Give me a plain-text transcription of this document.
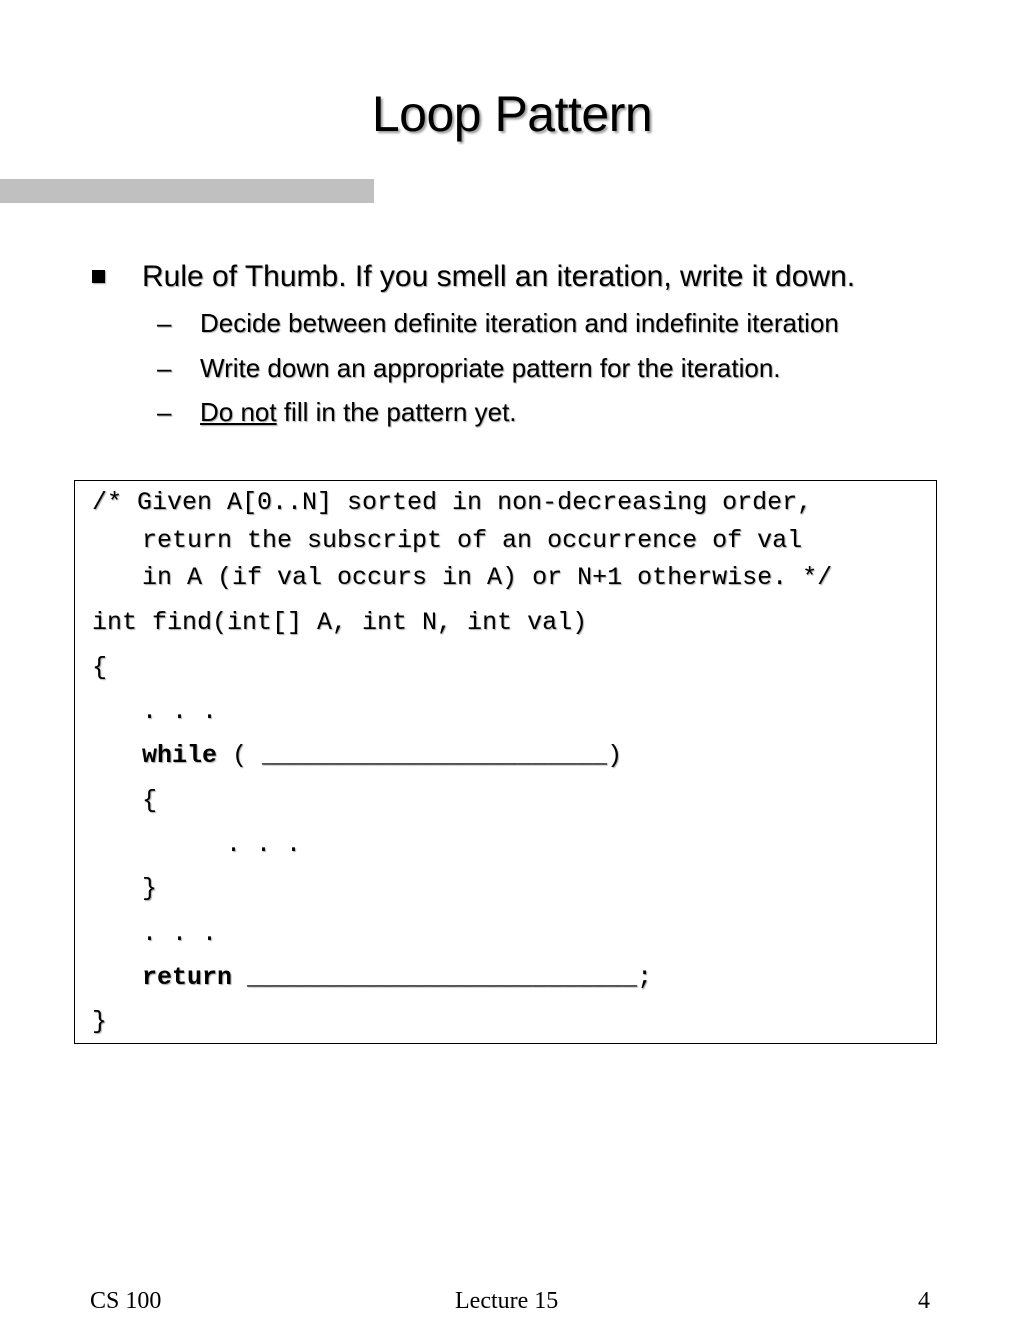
Loop Pattern
Rule of Thumb. If you smell an iteration, write it down.
– Decide between definite iteration and indefinite iteration
– Write down an appropriate pattern for the iteration.
– Do not fill in the pattern yet.
/* Given A[0..N] sorted in non-decreasing order,
return the subscript of an occurrence of val
in A (if val occurs in A) or N+1 otherwise. */
int find(int[] A, int N, int val)
{
. . .
while ( _______________________)
{
. . .
}
. . .
return __________________________;
}
CS 100	Lecture 15	4
